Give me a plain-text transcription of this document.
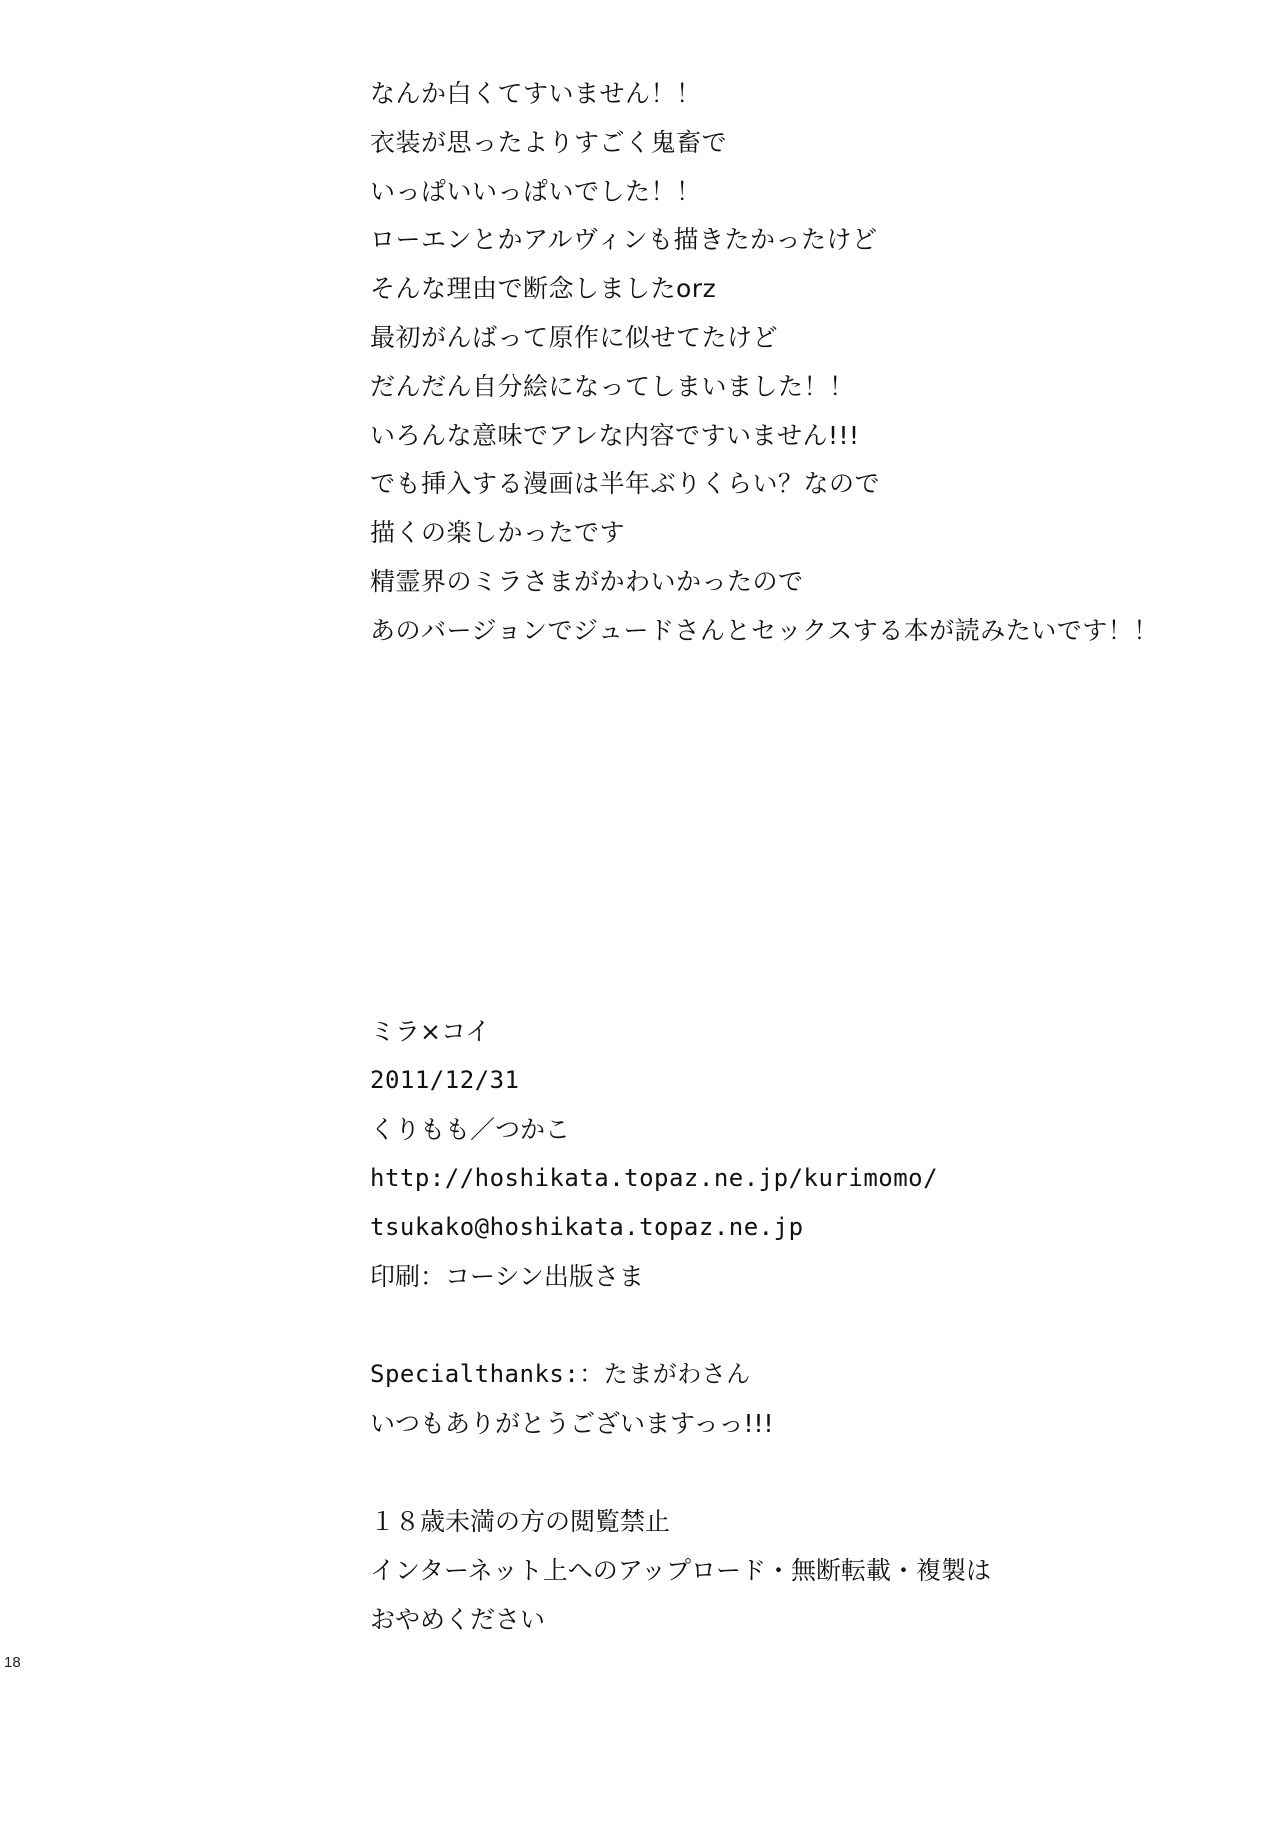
なんか白くてすいません！！
衣装が思ったよりすごく鬼畜で
いっぱいいっぱいでした！！
ローエンとかアルヴィンも描きたかったけど
そんな理由で断念しましたorz
最初がんばって原作に似せてたけど
だんだん自分絵になってしまいました！！
いろんな意味でアレな内容ですいません!!!
でも挿入する漫画は半年ぶりくらい？なので
描くの楽しかったです
精霊界のミラさまがかわいかったので
あのバージョンでジュードさんとセックスする本が読みたいです！！
ミラ×コイ
2011/12/31
くりもも／つかこ
http://hoshikata.topaz.ne.jp/kurimomo/
tsukako@hoshikata.topaz.ne.jp
印刷：コーシン出版さま
Specialthanks:：たまがわさん
いつもありがとうございますっっ!!!
１８歳未満の方の閲覧禁止
インターネット上へのアップロード・無断転載・複製は
おやめください
18
